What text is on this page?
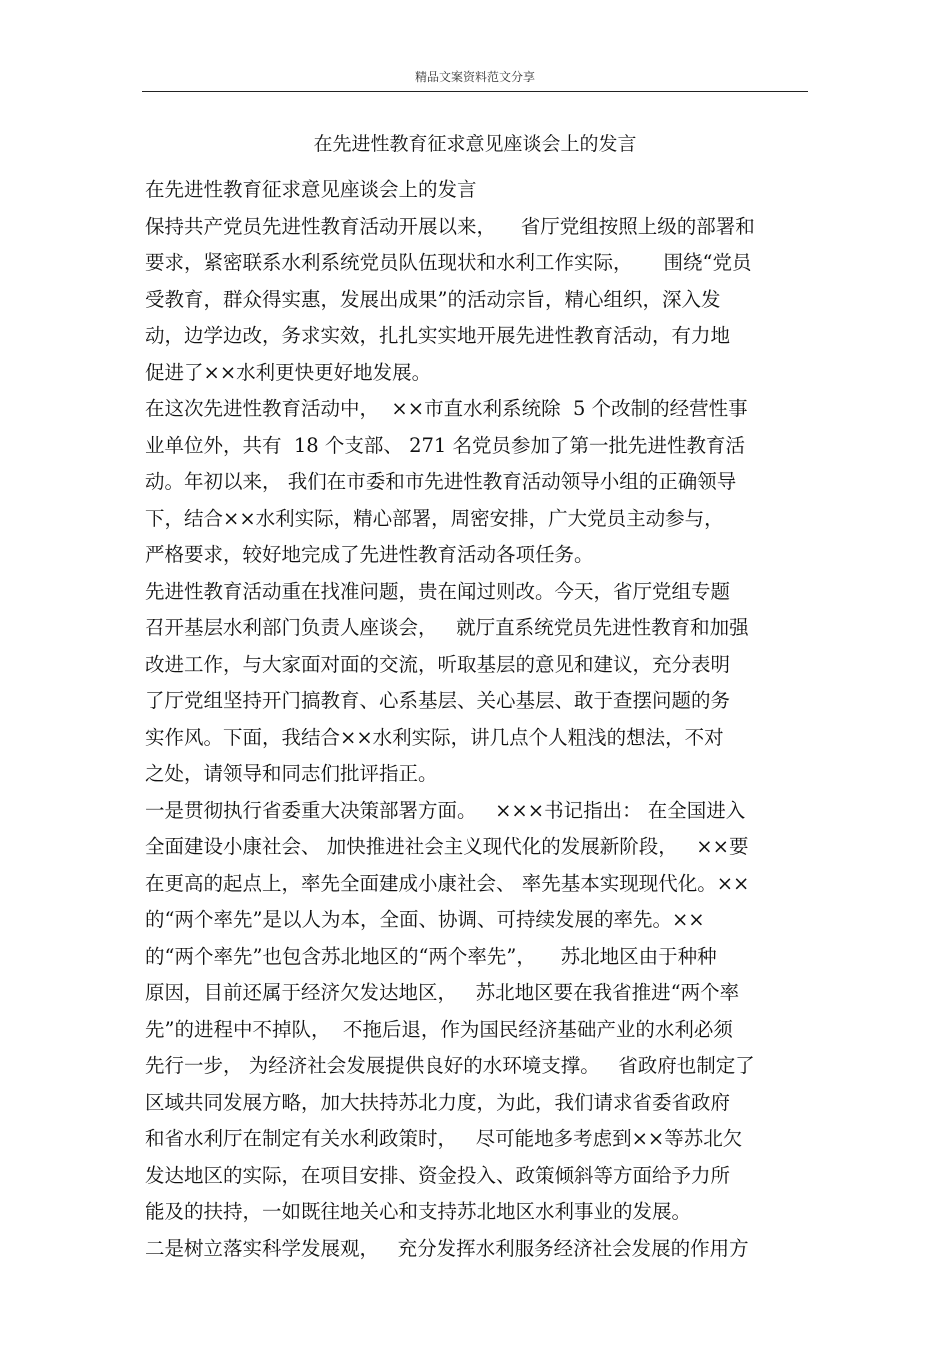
精品文案资料范文分享
在先进性教育征求意见座谈会上的发言
在先进性教育征求意见座谈会上的发言
保持共产党员先进性教育活动开展以来，    省厅党组按照上级的部署和
要求，紧密联系水利系统党员队伍现状和水利工作实际，     围绕“党员
受教育，群众得实惠，发展出成果”的活动宗旨，精心组织，深入发
动，边学边改，务求实效，扎扎实实地开展先进性教育活动，有力地
促进了××水利更快更好地发展。
在这次先进性教育活动中，  ××市直水利系统除  5 个改制的经营性事
业单位外，共有  18 个支部、 271 名党员参加了第一批先进性教育活
动。年初以来， 我们在市委和市先进性教育活动领导小组的正确领导
下，结合××水利实际，精心部署，周密安排，广大党员主动参与，
严格要求，较好地完成了先进性教育活动各项任务。
先进性教育活动重在找准问题，贵在闻过则改。今天，省厅党组专题
召开基层水利部门负责人座谈会，   就厅直系统党员先进性教育和加强
改进工作，与大家面对面的交流，听取基层的意见和建议，充分表明
了厅党组坚持开门搞教育、心系基层、关心基层、敢于查摆问题的务
实作风。下面，我结合××水利实际，讲几点个人粗浅的想法，不对
之处，请领导和同志们批评指正。
一是贯彻执行省委重大决策部署方面。   ×××书记指出： 在全国进入
全面建设小康社会、 加快推进社会主义现代化的发展新阶段，   ××要
在更高的起点上，率先全面建成小康社会、 率先基本实现现代化。××
的“两个率先”是以人为本，全面、协调、可持续发展的率先。××
的“两个率先”也包含苏北地区的“两个率先”，    苏北地区由于种种
原因，目前还属于经济欠发达地区，   苏北地区要在我省推进“两个率
先”的进程中不掉队，  不拖后退，作为国民经济基础产业的水利必须
先行一步， 为经济社会发展提供良好的水环境支撑。   省政府也制定了
区域共同发展方略，加大扶持苏北力度，为此，我们请求省委省政府
和省水利厅在制定有关水利政策时，   尽可能地多考虑到××等苏北欠
发达地区的实际，在项目安排、资金投入、政策倾斜等方面给予力所
能及的扶持，一如既往地关心和支持苏北地区水利事业的发展。
二是树立落实科学发展观，   充分发挥水利服务经济社会发展的作用方
